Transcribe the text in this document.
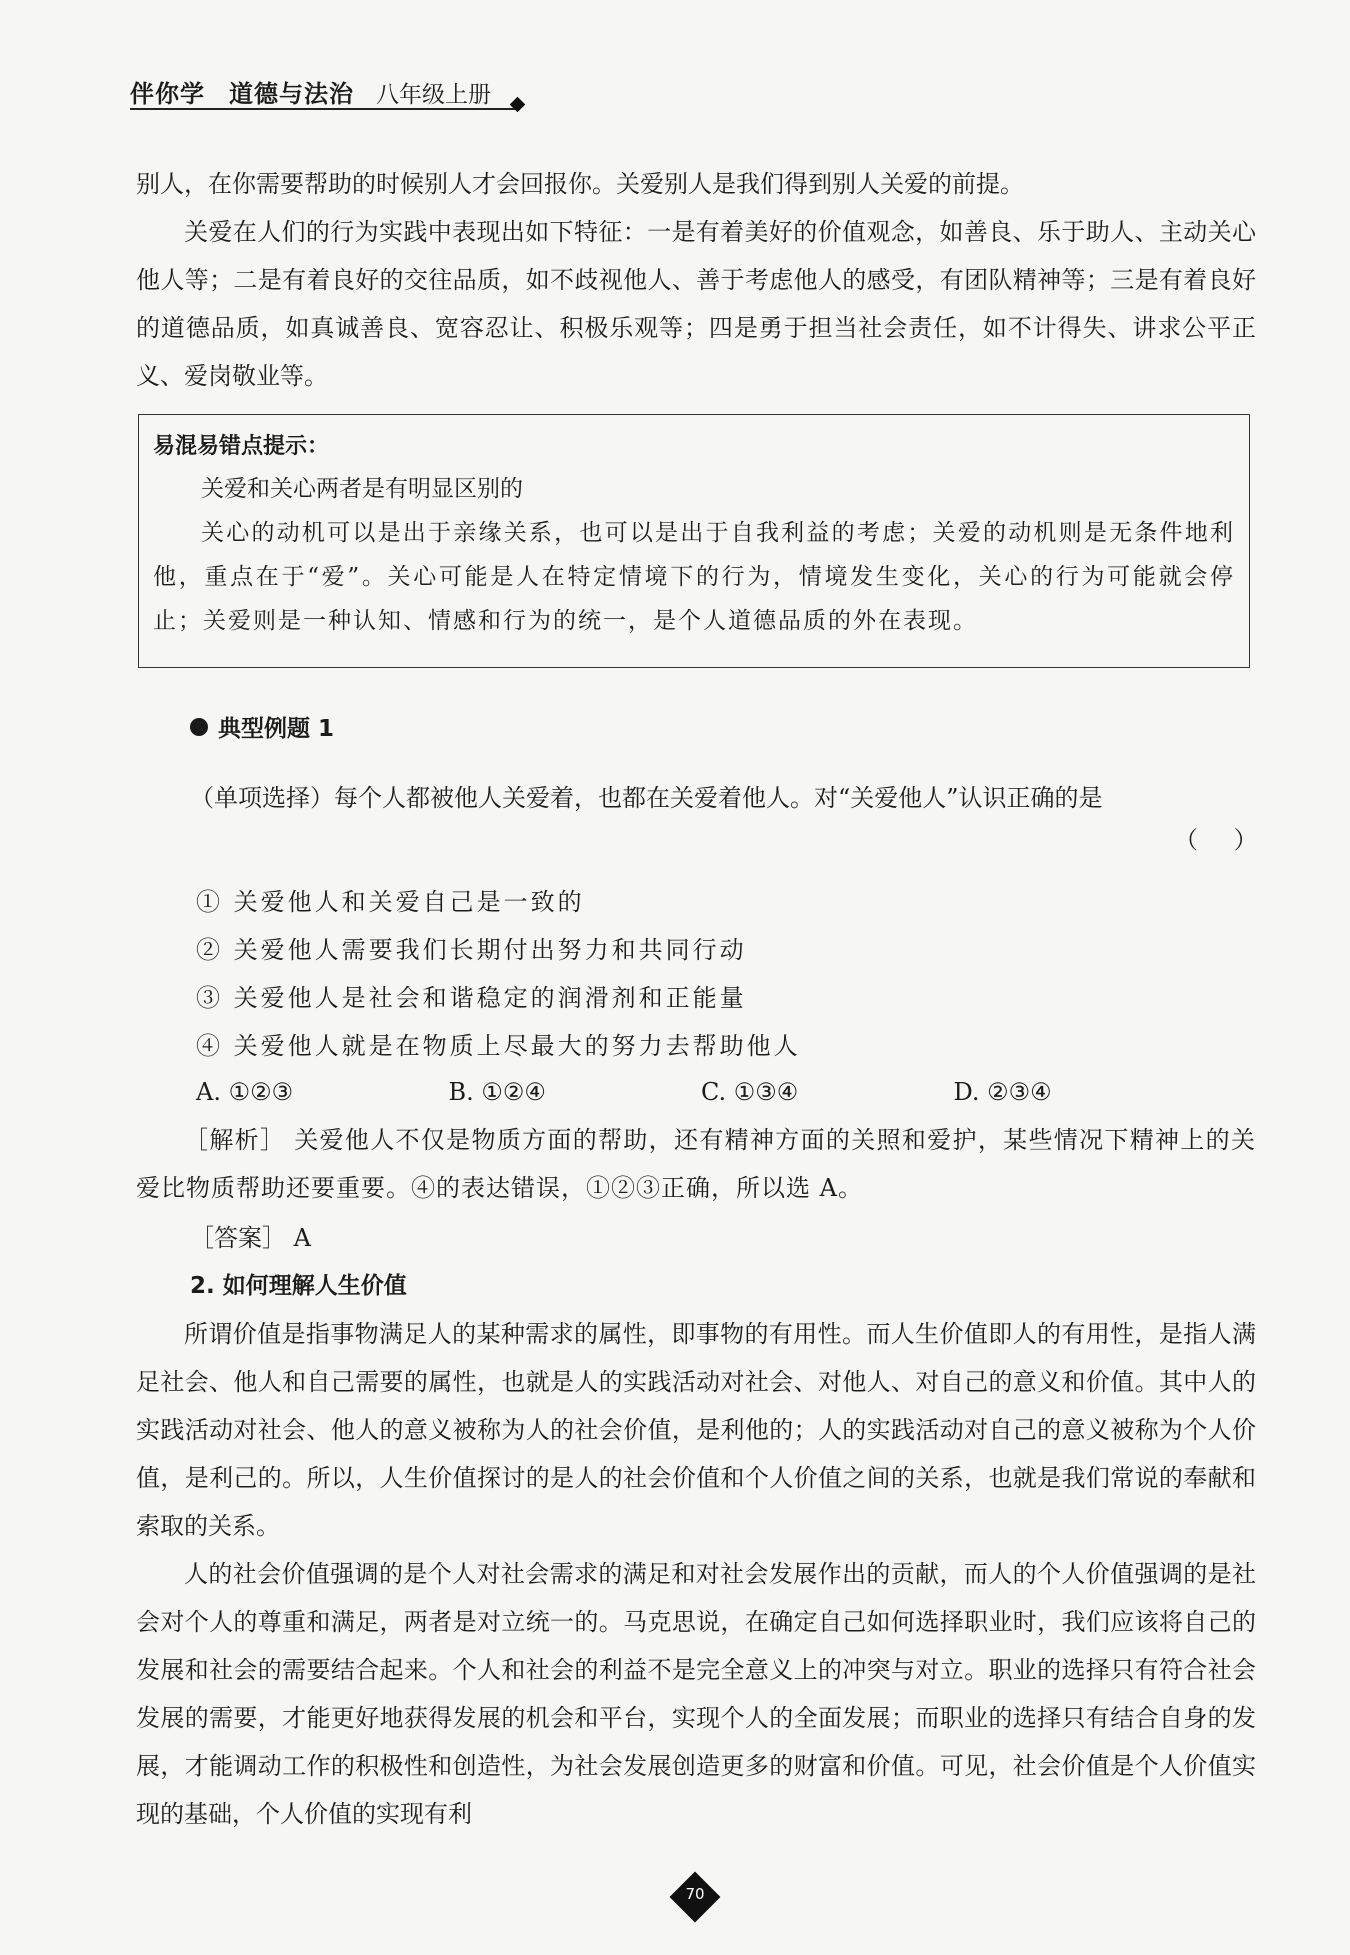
伴你学 道德与法治 八年级上册

别人，在你需要帮助的时候别人才会回报你。关爱别人是我们得到别人关爱的前提。

关爱在人们的行为实践中表现出如下特征：一是有着美好的价值观念，如善良、乐于助人、主动关心他人等；二是有着良好的交往品质，如不歧视他人、善于考虑他人的感受，有团队精神等；三是有着良好的道德品质，如真诚善良、宽容忍让、积极乐观等；四是勇于担当社会责任，如不计得失、讲求公平正义、爱岗敬业等。

易混易错点提示：
关爱和关心两者是有明显区别的
关心的动机可以是出于亲缘关系，也可以是出于自我利益的考虑；关爱的动机则是无条件地利他，重点在于“爱”。关心可能是人在特定情境下的行为，情境发生变化，关心的行为可能就会停止；关爱则是一种认知、情感和行为的统一，是个人道德品质的外在表现。
典型例题 1
（单项选择）每个人都被他人关爱着，也都在关爱着他人。对“关爱他人”认识正确的是
（ ）
① 关爱他人和关爱自己是一致的
② 关爱他人需要我们长期付出努力和共同行动
③ 关爱他人是社会和谐稳定的润滑剂和正能量
④ 关爱他人就是在物质上尽最大的努力去帮助他人
A. ①②③	B. ①②④	C. ①③④	D. ②③④

［解析］ 关爱他人不仅是物质方面的帮助，还有精神方面的关照和爱护，某些情况下精神上的关爱比物质帮助还要重要。④的表达错误，①②③正确，所以选 A。

［答案］ A
2. 如何理解人生价值

所谓价值是指事物满足人的某种需求的属性，即事物的有用性。而人生价值即人的有用性，是指人满足社会、他人和自己需要的属性，也就是人的实践活动对社会、对他人、对自己的意义和价值。其中人的实践活动对社会、他人的意义被称为人的社会价值，是利他的；人的实践活动对自己的意义被称为个人价值，是利己的。所以，人生价值探讨的是人的社会价值和个人价值之间的关系，也就是我们常说的奉献和索取的关系。

人的社会价值强调的是个人对社会需求的满足和对社会发展作出的贡献，而人的个人价值强调的是社会对个人的尊重和满足，两者是对立统一的。马克思说，在确定自己如何选择职业时，我们应该将自己的发展和社会的需要结合起来。个人和社会的利益不是完全意义上的冲突与对立。职业的选择只有符合社会发展的需要，才能更好地获得发展的机会和平台，实现个人的全面发展；而职业的选择只有结合自身的发展，才能调动工作的积极性和创造性，为社会发展创造更多的财富和价值。可见，社会价值是个人价值实现的基础，个人价值的实现有利

70
